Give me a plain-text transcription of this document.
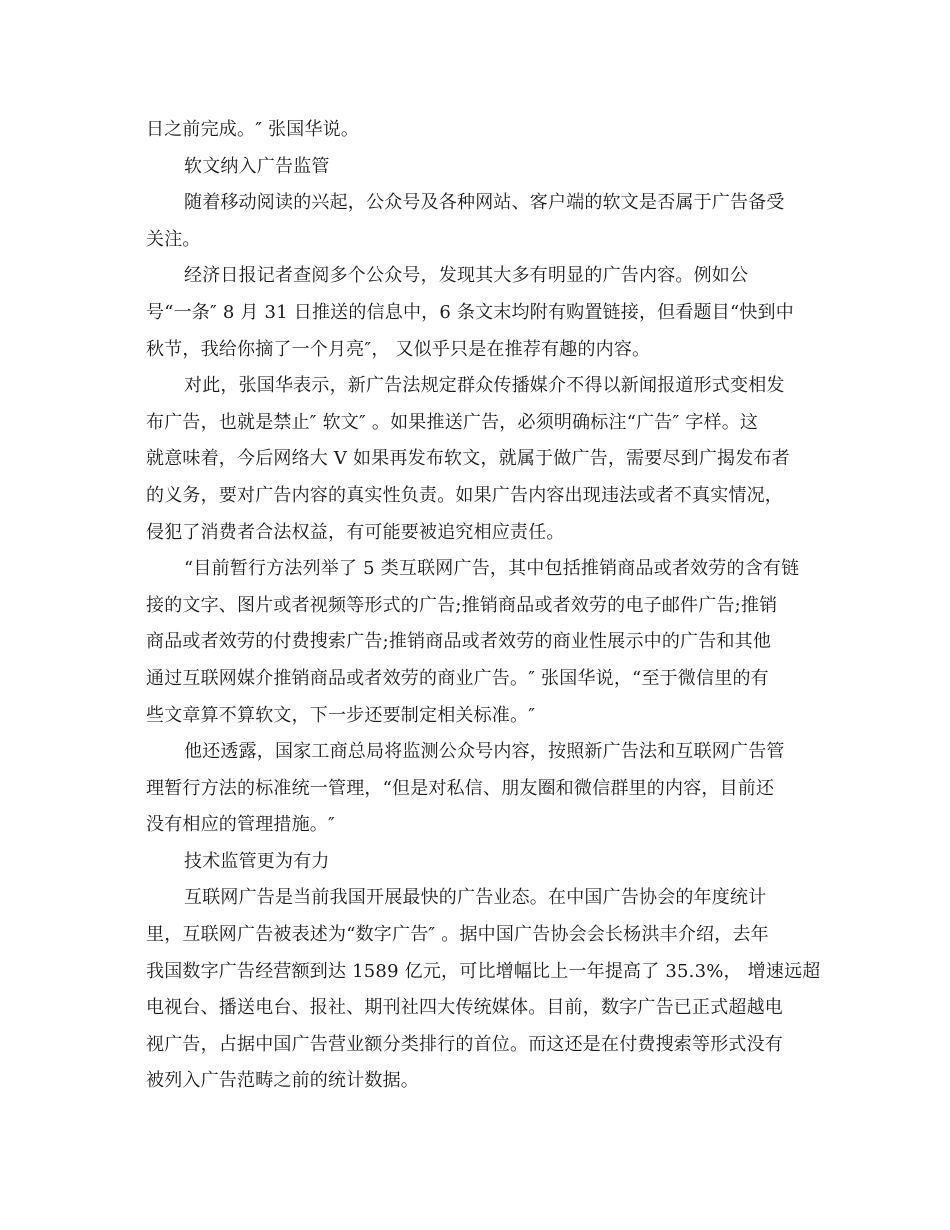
日之前完成。″ 张国华说。
软文纳入广告监管
随着移动阅读的兴起，公众号及各种网站、客户端的软文是否属于广告备受
关注。
经济日报记者查阅多个公众号，发现其大多有明显的广告内容。例如公
号“一条″ 8 月 31 日推送的信息中，6 条文末均附有购置链接，但看题目“快到中
秋节，我给你摘了一个月亮″， 又似乎只是在推荐有趣的内容。
对此，张国华表示，新广告法规定群众传播媒介不得以新闻报道形式变相发
布广告，也就是禁止″ 软文″ 。如果推送广告，必须明确标注“广告″ 字样。这
就意味着，今后网络大 V 如果再发布软文，就属于做广告，需要尽到广揭发布者
的义务，要对广告内容的真实性负责。如果广告内容出现违法或者不真实情况，
侵犯了消费者合法权益，有可能要被追究相应责任。
“目前暂行方法列举了 5 类互联网广告，其中包括推销商品或者效劳的含有链
接的文字、图片或者视频等形式的广告;推销商品或者效劳的电子邮件广告;推销
商品或者效劳的付费搜索广告;推销商品或者效劳的商业性展示中的广告和其他
通过互联网媒介推销商品或者效劳的商业广告。″ 张国华说，“至于微信里的有
些文章算不算软文，下一步还要制定相关标准。″
他还透露，国家工商总局将监测公众号内容，按照新广告法和互联网广告管
理暂行方法的标准统一管理，“但是对私信、朋友圈和微信群里的内容，目前还
没有相应的管理措施。″
技术监管更为有力
互联网广告是当前我国开展最快的广告业态。在中国广告协会的年度统计
里，互联网广告被表述为“数字广告″ 。据中国广告协会会长杨洪丰介绍，去年
我国数字广告经营额到达 1589 亿元，可比增幅比上一年提高了 35.3%， 增速远超
电视台、播送电台、报社、期刊社四大传统媒体。目前，数字广告已正式超越电
视广告，占据中国广告营业额分类排行的首位。而这还是在付费搜索等形式没有
被列入广告范畴之前的统计数据。
